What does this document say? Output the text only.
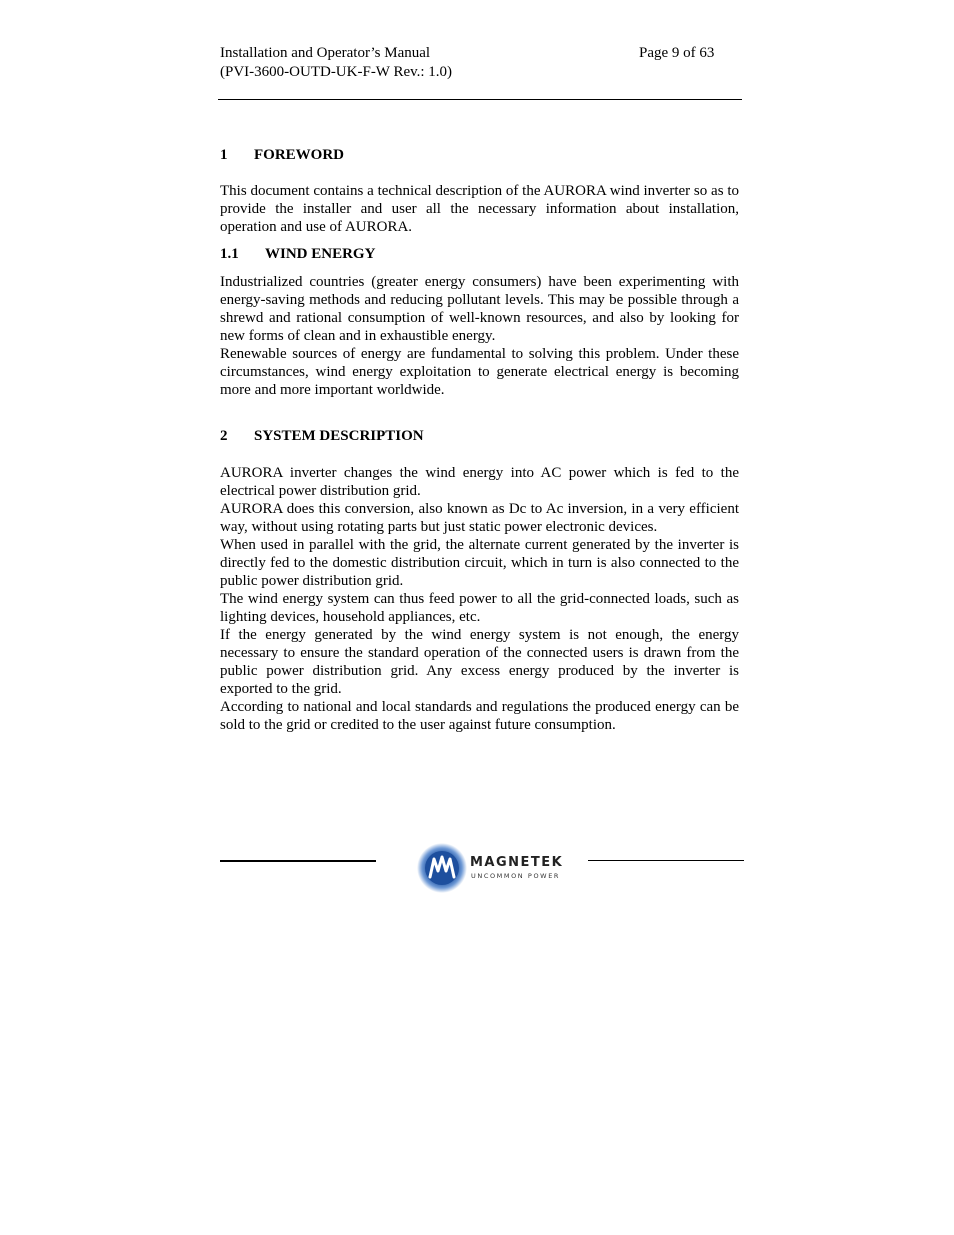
Installation and Operator’s Manual
(PVI-3600-OUTD-UK-F-W Rev.: 1.0)
Page 9 of 63
1 FOREWORD

This document contains a technical description of the AURORA wind inverter so as to provide the installer and user all the necessary information about installation, operation and use of AURORA.

1.1 WIND ENERGY

Industrialized countries (greater energy consumers) have been experimenting with energy-saving methods and reducing pollutant levels. This may be possible through a shrewd and rational consumption of well-known resources, and also by looking for new forms of clean and in exhaustible energy.

Renewable sources of energy are fundamental to solving this problem. Under these circumstances, wind energy exploitation to generate electrical energy is becoming more and more important worldwide.

2 SYSTEM DESCRIPTION

AURORA inverter changes the wind energy into AC power which is fed to the electrical power distribution grid.

AURORA does this conversion, also known as Dc to Ac inversion, in a very efficient way, without using rotating parts but just static power electronic devices.

When used in parallel with the grid, the alternate current generated by the inverter is directly fed to the domestic distribution circuit, which in turn is also connected to the public power distribution grid.

The wind energy system can thus feed power to all the grid-connected loads, such as lighting devices, household appliances, etc.

If the energy generated by the wind energy system is not enough, the energy necessary to ensure the standard operation of the connected users is drawn from the public power distribution grid. Any excess energy produced by the inverter is exported to the grid.

According to national and local standards and regulations the produced energy can be sold to the grid or credited to the user against future consumption.

MAGNETEK
UNCOMMON POWER
